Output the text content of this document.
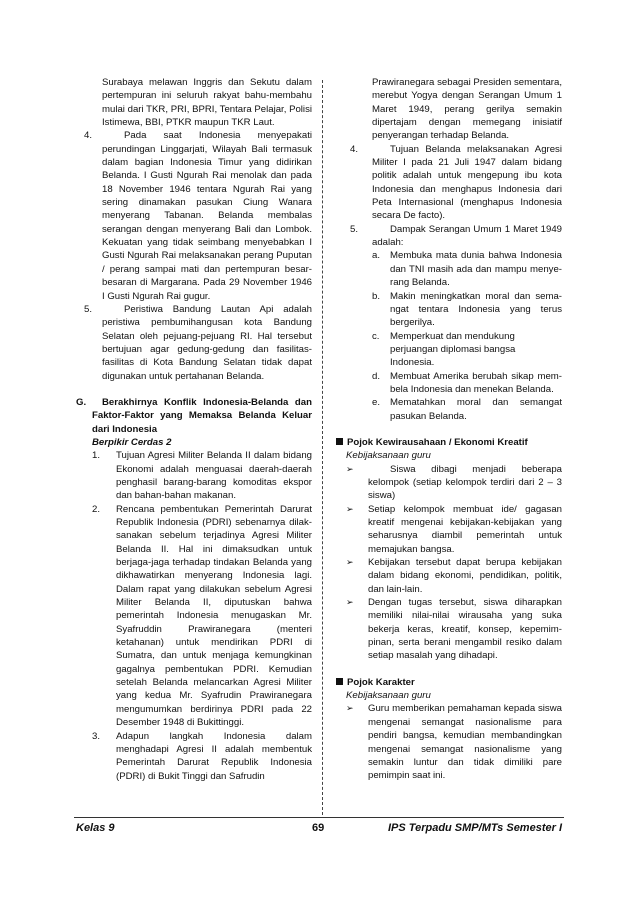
Surabaya melawan Inggris dan Sekutu dalam pertempuran ini seluruh rakyat bahu-membahu mulai dari TKR, PRI, BPRI, Tentara Pelajar, Polisi Istimewa, BBI, PTKR maupun TKR Laut.

4.	Pada saat Indonesia menyepakati perundingan Linggarjati, Wilayah Bali termasuk dalam bagian Indonesia Timur yang didirikan Belanda. I Gusti Ngurah Rai menolak dan pada 18 November 1946 tentara Ngurah Rai yang sering dinamakan pasukan Ciung Wanara menyerang Tabanan. Belanda membalas serangan dengan menyerang Bali dan Lombok. Kekuatan yang tidak seimbang menyebabkan I Gusti Ngurah Rai melaksanakan perang Puputan / perang sampai mati dan pertempuran besar-besaran di Margarana. Pada 29 November 1946 I Gusti Ngurah Rai gugur.
5.	Peristiwa Bandung Lautan Api adalah peristiwa pembumihangusan kota Bandung Selatan oleh pejuang-pejuang RI. Hal tersebut bertujuan agar gedung-gedung dan fasilitas-fasilitas di Kota Bandung Selatan tidak dapat digunakan untuk pertahanan Belanda.
G.	Berakhirnya Konflik Indonesia-Belanda dan Faktor-Faktor yang Memaksa Belanda Keluar dari Indonesia

Berpikir Cerdas 2

1.	Tujuan Agresi Militer Belanda II dalam bidang Ekonomi adalah menguasai daerah-daerah penghasil barang-barang komoditas ekspor dan bahan-bahan makanan.
2.	Rencana pembentukan Pemerintah Darurat Republik Indonesia (PDRI) sebenarnya dilak-sanakan sebelum terjadinya Agresi Militer Belanda II. Hal ini dimaksudkan untuk berjaga-jaga terhadap tindakan Belanda yang dikhawatirkan menyerang Indonesia lagi. Dalam rapat yang dilakukan sebelum Agresi Militer Belanda II, diputuskan bahwa pemerintah Indonesia menugaskan Mr. Syafruddin Prawiranegara (menteri ketahanan) untuk mendirikan PDRI di Sumatra, dan untuk menjaga kemungkinan gagalnya pembentukan PDRI. Kemudian setelah Belanda melancarkan Agresi Militer yang kedua Mr. Syafrudin Prawiranegara mengumumkan berdirinya PDRI pada 22 Desember 1948 di Bukittinggi.
3.	Adapun langkah Indonesia dalam menghadapi Agresi II adalah membentuk Pemerintah Darurat Republik Indonesia (PDRI) di Bukit Tinggi dan Safrudin

Prawiranegara sebagai Presiden sementara, merebut Yogya dengan Serangan Umum 1 Maret 1949, perang gerilya semakin dipertajam dengan memegang inisiatif penyerangan terhadap Belanda.

4.	Tujuan Belanda melaksanakan Agresi Militer I pada 21 Juli 1947 dalam bidang politik adalah untuk mengepung ibu kota Indonesia dan menghapus Indonesia dari Peta Internasional (menghapus Indonesia secara De facto).
5.	Dampak Serangan Umum 1 Maret 1949 adalah:
a.	Membuka mata dunia bahwa Indonesia dan TNI masih ada dan mampu menye-rang Belanda.
b.	Makin meningkatkan moral dan sema-ngat tentara Indonesia yang terus bergerilya.
c.	Memperkuat dan mendukung perjuangan diplomasi bangsa Indonesia.
d.	Membuat Amerika berubah sikap mem-bela Indonesia dan menekan Belanda.
e.	Mematahkan moral dan semangat pasukan Belanda.

Pojok Kewirausahaan / Ekonomi Kreatif

Kebijaksanaan guru

➢	Siswa dibagi menjadi beberapa kelompok (setiap kelompok terdiri dari 2 – 3 siswa)
➢	Setiap kelompok membuat ide/ gagasan kreatif mengenai kebijakan-kebijakan yang seharusnya diambil pemerintah untuk memajukan bangsa.
➢	Kebijakan tersebut dapat berupa kebijakan dalam bidang ekonomi, pendidikan, politik, dan lain-lain.
➢	Dengan tugas tersebut, siswa diharapkan memiliki nilai-nilai wirausaha yang suka bekerja keras, kreatif, konsep, kepemim-pinan, serta berani mengambil resiko dalam setiap masalah yang dihadapi.

Pojok Karakter

Kebijaksanaan guru

➢	Guru memberikan pemahaman kepada siswa mengenai semangat nasionalisme para pendiri bangsa, kemudian membandingkan mengenai semangat nasionalisme yang semakin luntur dan tidak dimiliki pare pemimpin saat ini.
Kelas 9	69	IPS Terpadu SMP/MTs Semester I
